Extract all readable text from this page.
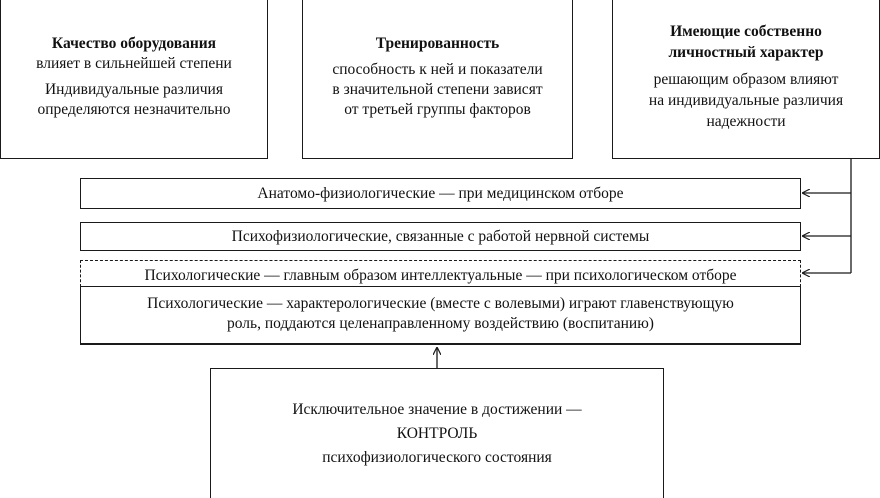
Качество оборудования
влияет в сильнейшей степени
Индивидуальные различия
определяются незначительно
Тренированность
способность к ней и показатели
в значительной степени зависят
от третьей группы факторов
Имеющие собственно
личностный характер
решающим образом влияют
на индивидуальные различия
надежности
Анатомо-физиологические — при медицинском отборе
Психофизиологические, связанные с работой нервной системы
Психологические — главным образом интеллектуальные — при психологическом отборе
Психологические — характерологические (вместе с волевыми) играют главенствующую
роль, поддаются целенаправленному воздействию (воспитанию)
Исключительное значение в достижении —
КОНТРОЛЬ
психофизиологического состояния
